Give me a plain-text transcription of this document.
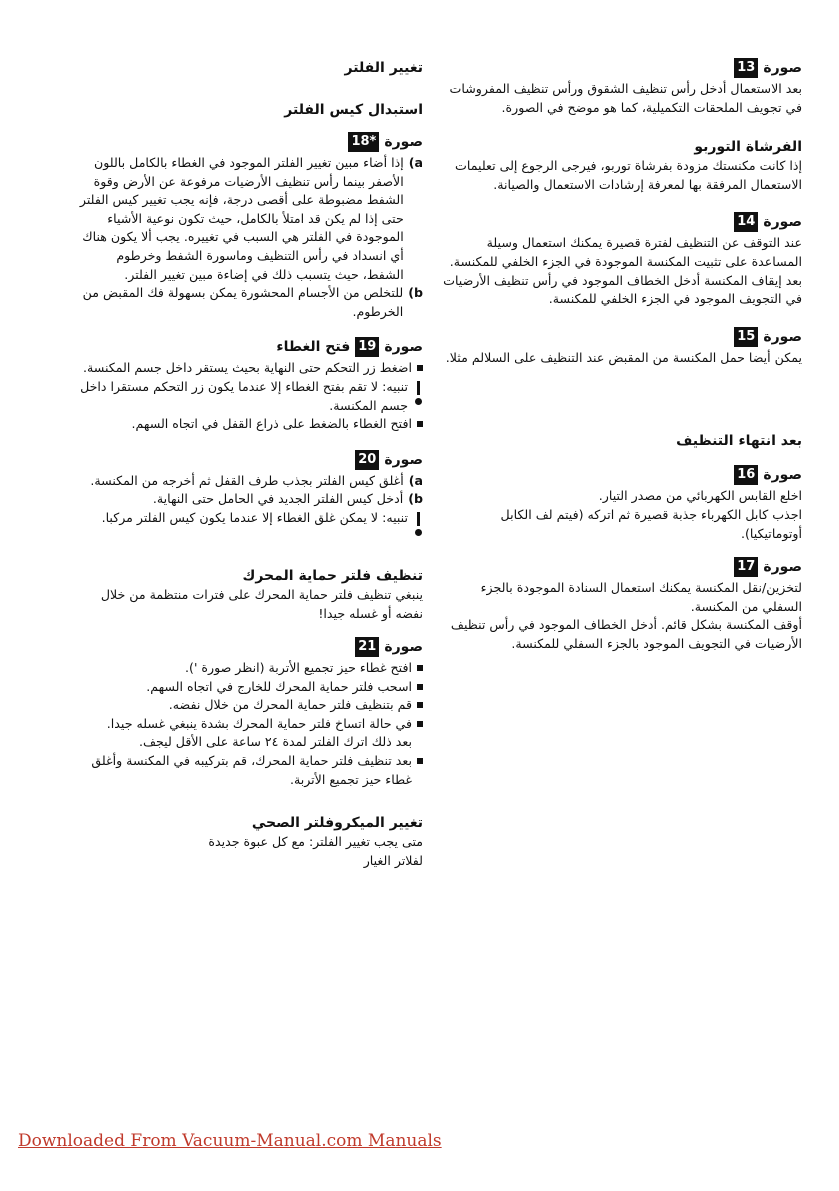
صورة
13

بعد الاستعمال أدخل رأس تنظيف الشقوق ورأس تنظيف المفروشات في تجويف الملحقات التكميلية، كما هو موضح في الصورة.

الفرشاة التوربو

إذا كانت مكنستك مزودة بفرشاة توربو، فيرجى الرجوع إلى تعليمات الاستعمال المرفقة بها لمعرفة إرشادات الاستعمال والصيانة.

صورة
14

عند التوقف عن التنظيف لفترة قصيرة يمكنك استعمال وسيلة المساعدة على تثبيت المكنسة الموجودة في الجزء الخلفي للمكنسة.

بعد إيقاف المكنسة أدخل الخطاف الموجود في رأس تنظيف الأرضيات في التجويف الموجود في الجزء الخلفي للمكنسة.

صورة
15

يمكن أيضا حمل المكنسة من المقبض عند التنظيف على السلالم مثلا.

بعد انتهاء التنظيف

صورة
16

اخلع القابس الكهربائي من مصدر التيار.

اجذب كابل الكهرباء جذبة قصيرة ثم اتركه (فيتم لف الكابل أوتوماتيكيا).

صورة
17

لتخزين/نقل المكنسة يمكنك استعمال السنادة الموجودة بالجزء السفلي من المكنسة.

أوقف المكنسة بشكل قائم. أدخل الخطاف الموجود في رأس تنظيف الأرضيات في التجويف الموجود بالجزء السفلي للمكنسة.

تغيير الفلتر

استبدال كيس الفلتر

صورة
18*
a)
إذا أضاء مبين تغيير الفلتر الموجود في الغطاء بالكامل باللون الأصفر بينما رأس تنظيف الأرضيات مرفوعة عن الأرض وقوة الشفط مضبوطة على أقصى درجة، فإنه يجب تغيير كيس الفلتر حتى إذا لم يكن قد امتلأ بالكامل، حيث تكون نوعية الأشياء الموجودة في الفلتر هي السبب في تغييره. يجب ألا يكون هناك أي انسداد في رأس التنظيف وماسورة الشفط وخرطوم الشفط، حيث يتسبب ذلك في إضاءة مبين تغيير الفلتر.
b)
للتخلص من الأجسام المحشورة يمكن بسهولة فك المقبض من الخرطوم.
صورة
19
فتح الغطاء
اضغط زر التحكم حتى النهاية بحيث يستقر داخل جسم المكنسة.
تنبيه: لا تقم بفتح الغطاء إلا عندما يكون زر التحكم مستقرا داخل جسم المكنسة.
افتح الغطاء بالضغط على ذراع القفل في اتجاه السهم.
صورة
20
a)
أغلق كيس الفلتر بجذب طرف القفل ثم أخرجه من المكنسة.
b)
أدخل كيس الفلتر الجديد في الحامل حتى النهاية.
تنبيه: لا يمكن غلق الغطاء إلا عندما يكون كيس الفلتر مركبا.

تنظيف فلتر حماية المحرك

ينبغي تنظيف فلتر حماية المحرك على فترات منتظمة من خلال نفضه أو غسله جيدا!

صورة
21
افتح غطاء حيز تجميع الأتربة (انظر صورة ').
اسحب فلتر حماية المحرك للخارج في اتجاه السهم.
قم بتنظيف فلتر حماية المحرك من خلال نفضه.
في حالة اتساخ فلتر حماية المحرك بشدة ينبغي غسله جيدا.

بعد ذلك اترك الفلتر لمدة ٢٤ ساعة على الأقل ليجف.

بعد تنظيف فلتر حماية المحرك، قم بتركيبه في المكنسة وأغلق غطاء حيز تجميع الأتربة.

تغيير الميكروفلتر الصحي

متى يجب تغيير الفلتر: مع كل عبوة جديدة

لفلاتر الغيار

Downloaded From Vacuum-Manual.com Manuals
